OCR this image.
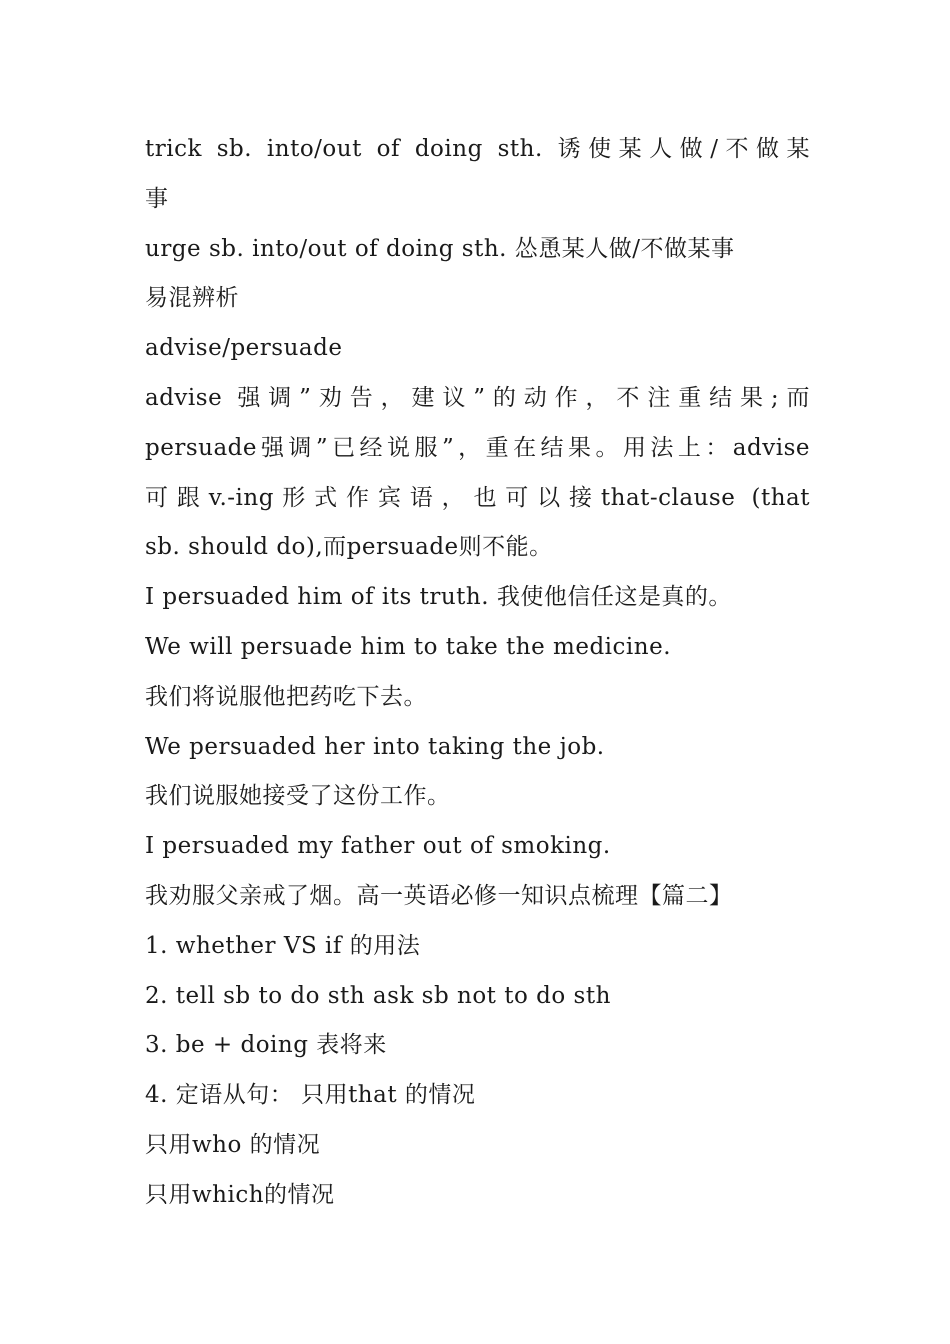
trick sb. into/out of doing sth. 诱使某人做/不做某
事
urge sb. into/out of doing sth. 怂恿某人做/不做某事
易混辨析
advise/persuade
advise 强调”劝告，建议”的动作，不注重结果;而
persuade强调”已经说服”，重在结果。用法上：advise
可跟v.-ing形式作宾语，也可以接that-clause (that
sb. should do),而persuade则不能。
I persuaded him of its truth. 我使他信任这是真的。
We will persuade him to take the medicine.
我们将说服他把药吃下去。
We persuaded her into taking the job.
我们说服她接受了这份工作。
I persuaded my father out of smoking.
我劝服父亲戒了烟。高一英语必修一知识点梳理【篇二】
1. whether VS if 的用法
2. tell sb to do sth ask sb not to do sth
3. be + doing 表将来
4. 定语从句： 只用that 的情况
只用who 的情况
只用which的情况
